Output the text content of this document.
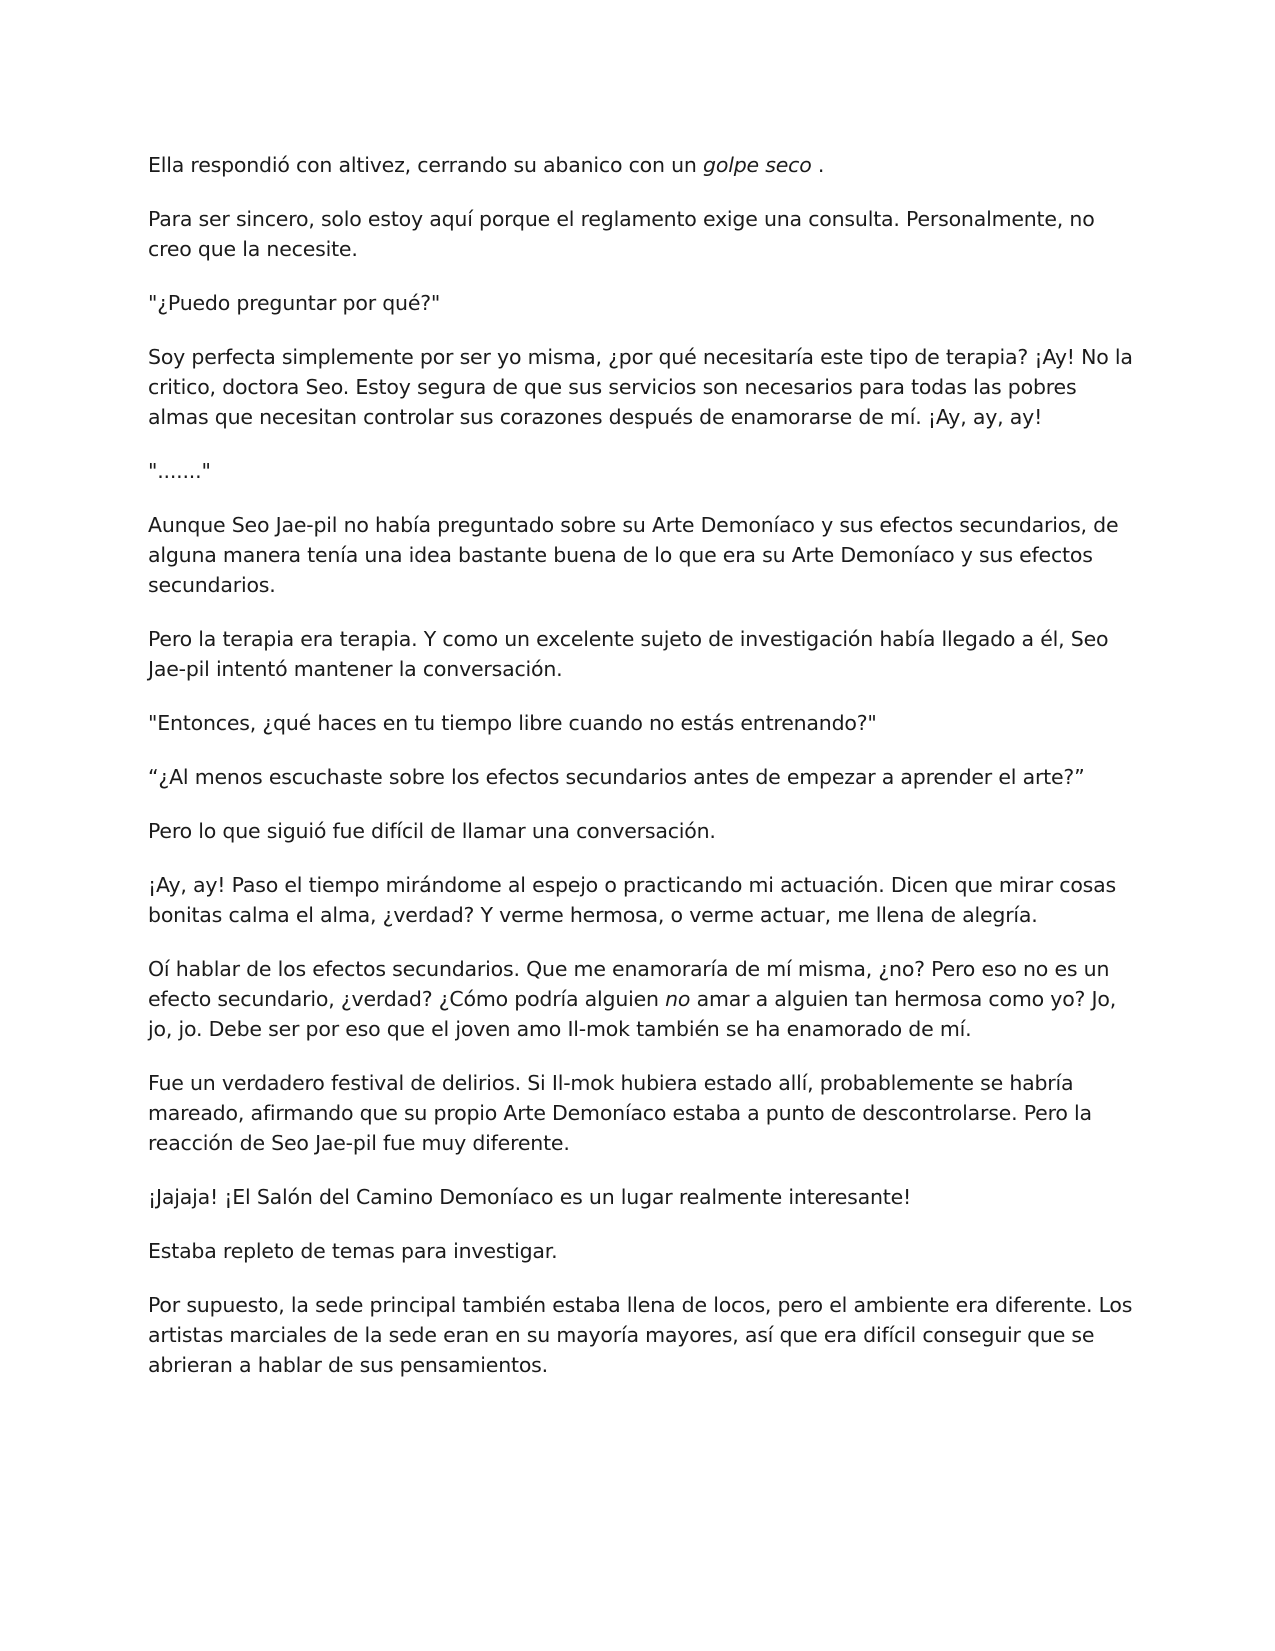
Ella respondió con altivez, cerrando su abanico con un golpe seco .

Para ser sincero, solo estoy aquí porque el reglamento exige una consulta. Personalmente, no creo que la necesite.

"¿Puedo preguntar por qué?"

Soy perfecta simplemente por ser yo misma, ¿por qué necesitaría este tipo de terapia? ¡Ay! No la critico, doctora Seo. Estoy segura de que sus servicios son necesarios para todas las pobres almas que necesitan controlar sus corazones después de enamorarse de mí. ¡Ay, ay, ay!

"......."

Aunque Seo Jae-pil no había preguntado sobre su Arte Demoníaco y sus efectos secundarios, de alguna manera tenía una idea bastante buena de lo que era su Arte Demoníaco y sus efectos secundarios.

Pero la terapia era terapia. Y como un excelente sujeto de investigación había llegado a él, Seo Jae-pil intentó mantener la conversación.

"Entonces, ¿qué haces en tu tiempo libre cuando no estás entrenando?"

“¿Al menos escuchaste sobre los efectos secundarios antes de empezar a aprender el arte?”

Pero lo que siguió fue difícil de llamar una conversación.

¡Ay, ay! Paso el tiempo mirándome al espejo o practicando mi actuación. Dicen que mirar cosas bonitas calma el alma, ¿verdad? Y verme hermosa, o verme actuar, me llena de alegría.

Oí hablar de los efectos secundarios. Que me enamoraría de mí misma, ¿no? Pero eso no es un efecto secundario, ¿verdad? ¿Cómo podría alguien no amar a alguien tan hermosa como yo? Jo, jo, jo. Debe ser por eso que el joven amo Il-mok también se ha enamorado de mí.

Fue un verdadero festival de delirios. Si Il-mok hubiera estado allí, probablemente se habría mareado, afirmando que su propio Arte Demoníaco estaba a punto de descontrolarse. Pero la reacción de Seo Jae-pil fue muy diferente.

¡Jajaja! ¡El Salón del Camino Demoníaco es un lugar realmente interesante!

Estaba repleto de temas para investigar.

Por supuesto, la sede principal también estaba llena de locos, pero el ambiente era diferente. Los artistas marciales de la sede eran en su mayoría mayores, así que era difícil conseguir que se abrieran a hablar de sus pensamientos.
